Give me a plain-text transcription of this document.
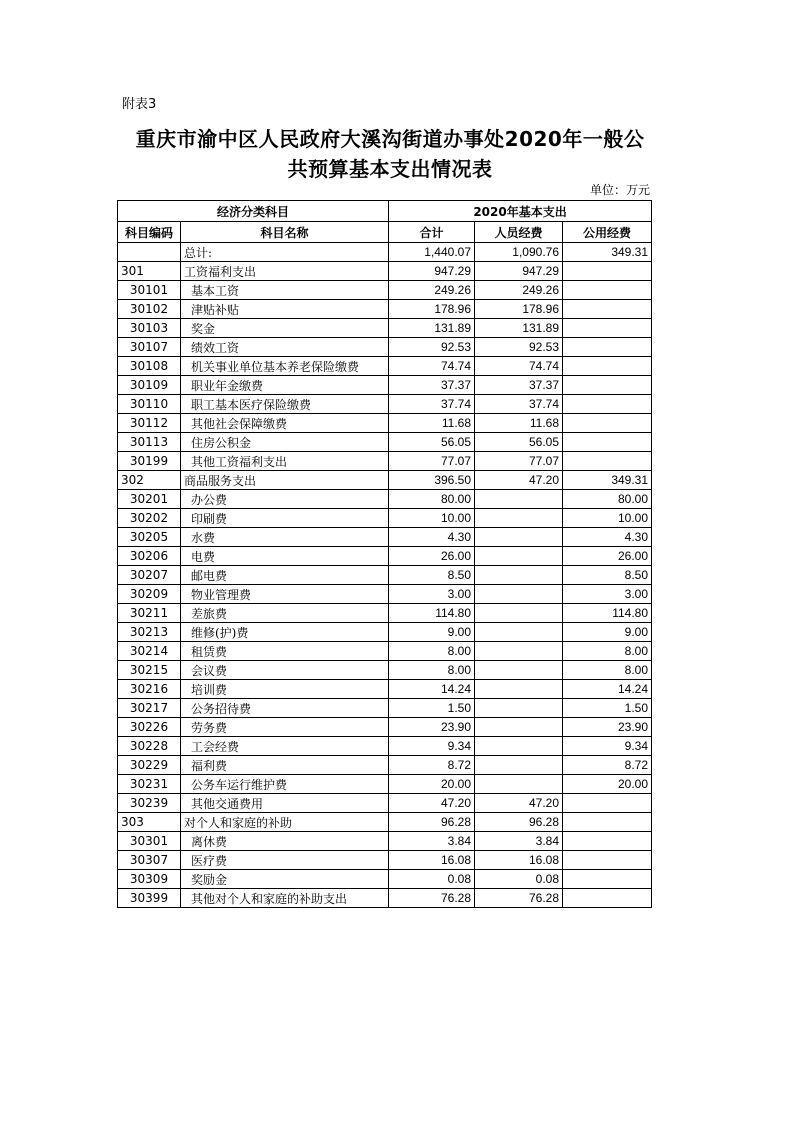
附表3
重庆市渝中区人民政府大溪沟街道办事处2020年一般公
共预算基本支出情况表
单位：万元
经济分类科目		2020年基本支出		
科目编码	科目名称	合计	人员经费	公用经费
	总计:	1,440.07	1,090.76	349.31
301	工资福利支出	947.29	947.29	
30101	基本工资	249.26	249.26	
30102	津贴补贴	178.96	178.96	
30103	奖金	131.89	131.89	
30107	绩效工资	92.53	92.53	
30108	机关事业单位基本养老保险缴费	74.74	74.74	
30109	职业年金缴费	37.37	37.37	
30110	职工基本医疗保险缴费	37.74	37.74	
30112	其他社会保障缴费	11.68	11.68	
30113	住房公积金	56.05	56.05	
30199	其他工资福利支出	77.07	77.07	
302	商品服务支出	396.50	47.20	349.31
30201	办公费	80.00		80.00
30202	印刷费	10.00		10.00
30205	水费	4.30		4.30
30206	电费	26.00		26.00
30207	邮电费	8.50		8.50
30209	物业管理费	3.00		3.00
30211	差旅费	114.80		114.80
30213	维修(护)费	9.00		9.00
30214	租赁费	8.00		8.00
30215	会议费	8.00		8.00
30216	培训费	14.24		14.24
30217	公务招待费	1.50		1.50
30226	劳务费	23.90		23.90
30228	工会经费	9.34		9.34
30229	福利费	8.72		8.72
30231	公务车运行维护费	20.00		20.00
30239	其他交通费用	47.20	47.20	
303	对个人和家庭的补助	96.28	96.28	
30301	离休费	3.84	3.84	
30307	医疗费	16.08	16.08	
30309	奖励金	0.08	0.08	
30399	其他对个人和家庭的补助支出	76.28	76.28	
